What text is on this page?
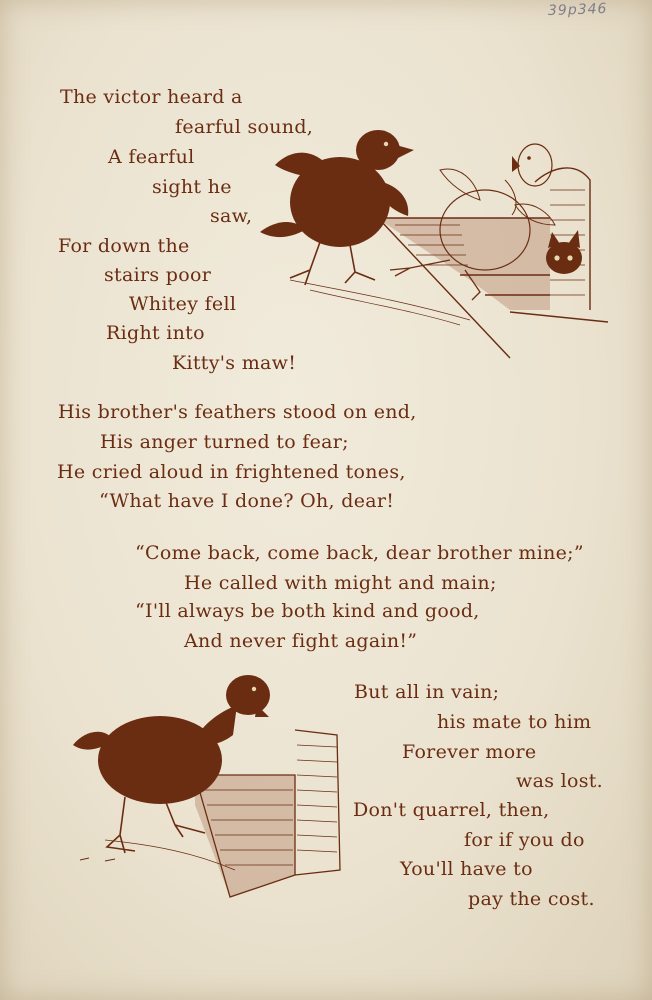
39p346
The victor heard a
fearful sound,
A fearful
sight he
saw,
For down the
stairs poor
Whitey fell
Right into
Kitty's maw!
His brother's feathers stood on end,
His anger turned to fear;
He cried aloud in frightened tones,
“What have I done? Oh, dear!
“Come back, come back, dear brother mine;”
He called with might and main;
“I'll always be both kind and good,
And never fight again!”
But all in vain;
his mate to him
Forever more
was lost.
Don't quarrel, then,
for if you do
You'll have to
pay the cost.
